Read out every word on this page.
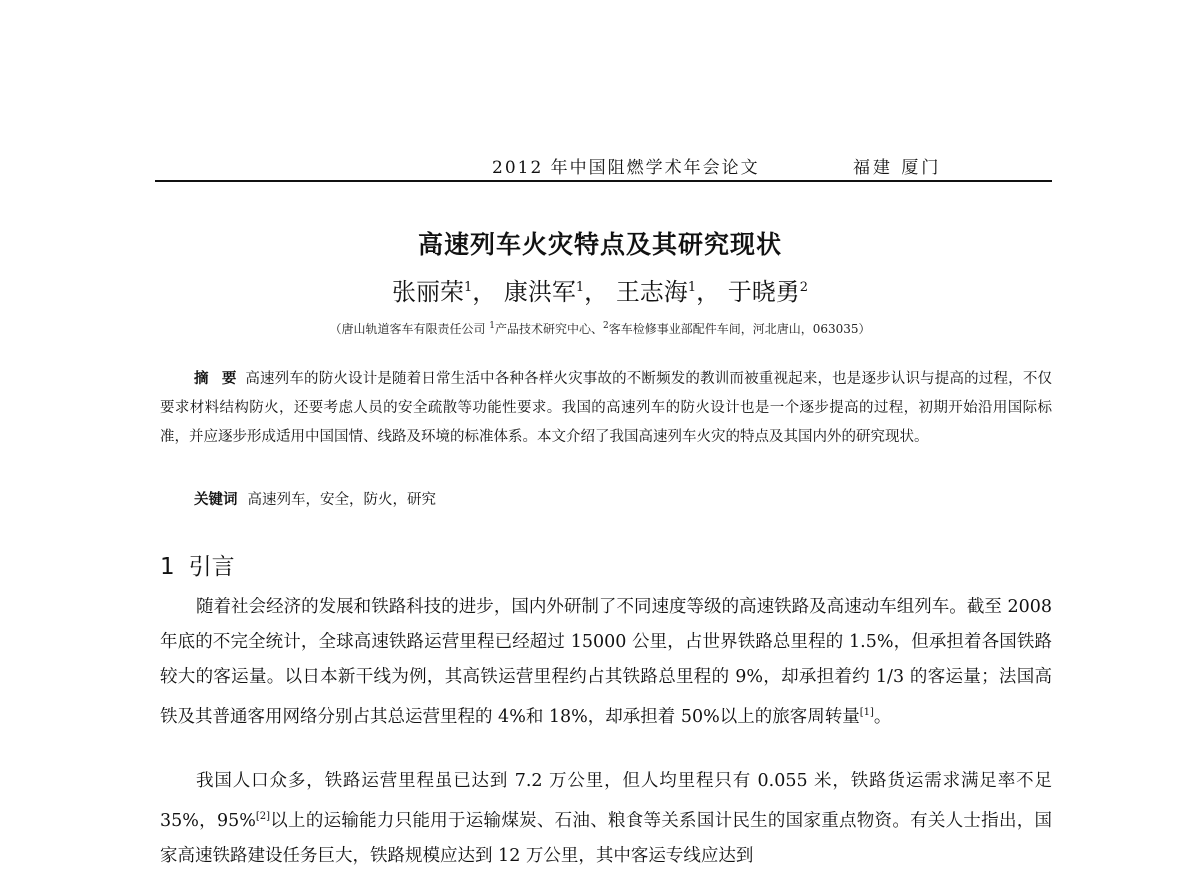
2012 年中国阻燃学术年会论文	福建 厦门
高速列车火灾特点及其研究现状
张丽荣$^1$， 康洪军$^1$， 王志海$^1$， 于晓勇$^2$
（唐山轨道客车有限责任公司 $^1$产品技术研究中心、$^2$客车检修事业部配件车间，河北唐山，063035）
摘 要 高速列车的防火设计是随着日常生活中各种各样火灾事故的不断频发的教训而被重视起来，也是逐步认识与提高的过程，不仅要求材料结构防火，还要考虑人员的安全疏散等功能性要求。我国的高速列车的防火设计也是一个逐步提高的过程，初期开始沿用国际标准，并应逐步形成适用中国国情、线路及环境的标准体系。本文介绍了我国高速列车火灾的特点及其国内外的研究现状。
关键词 高速列车，安全，防火，研究
1 引言
随着社会经济的发展和铁路科技的进步，国内外研制了不同速度等级的高速铁路及高速动车组列车。截至 2008 年底的不完全统计，全球高速铁路运营里程已经超过 15000 公里，占世界铁路总里程的 1.5%，但承担着各国铁路较大的客运量。以日本新干线为例，其高铁运营里程约占其铁路总里程的 9%，却承担着约 1/3 的客运量；法国高铁及其普通客用网络分别占其总运营里程的 4%和 18%，却承担着 50%以上的旅客周转量[1]。
我国人口众多，铁路运营里程虽已达到 7.2 万公里，但人均里程只有 0.055 米，铁路货运需求满足率不足 35%，95%[2]以上的运输能力只能用于运输煤炭、石油、粮食等关系国计民生的国家重点物资。有关人士指出，国家高速铁路建设任务巨大，铁路规模应达到 12 万公里，其中客运专线应达到
